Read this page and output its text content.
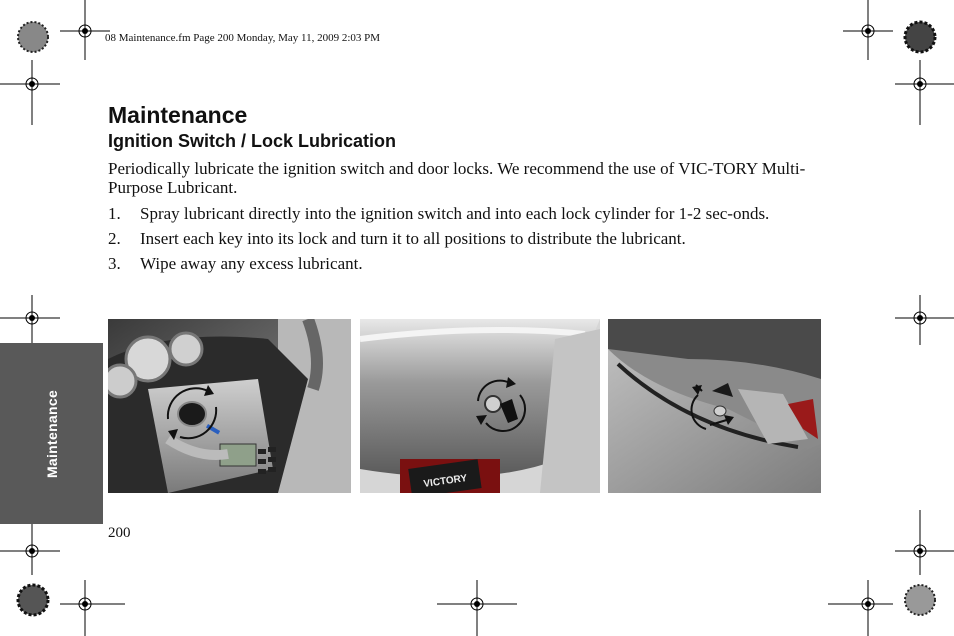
08 Maintenance.fm Page 200 Monday, May 11, 2009 2:03 PM
Maintenance
Ignition Switch / Lock Lubrication
Periodically lubricate the ignition switch and door locks. We recommend the use of VIC-TORY Multi-Purpose Lubricant.
1. Spray lubricant directly into the ignition switch and into each lock cylinder for 1-2 sec-onds.
2. Insert each key into its lock and turn it to all positions to distribute the lubricant.
3. Wipe away any excess lubricant.
VICTORY
Maintenance
200
